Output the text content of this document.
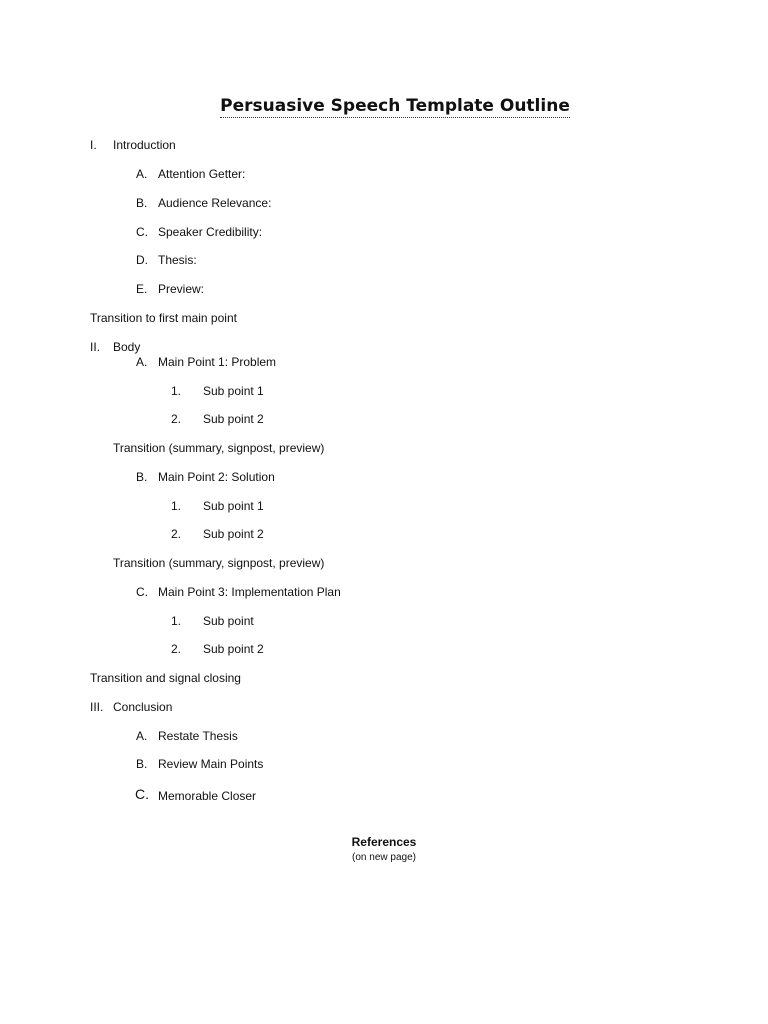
Persuasive Speech Template Outline
I. Introduction
A. Attention Getter:
B. Audience Relevance:
C. Speaker Credibility:
D. Thesis:
E. Preview:
Transition to first main point
II. Body
A. Main Point 1: Problem
1. Sub point 1
2. Sub point 2
Transition (summary, signpost, preview)
B. Main Point 2: Solution
1. Sub point 1
2. Sub point 2
Transition (summary, signpost, preview)
C. Main Point 3: Implementation Plan
1. Sub point
2. Sub point 2
Transition and signal closing
III. Conclusion
A. Restate Thesis
B. Review Main Points
C. Memorable Closer
References
(on new page)
